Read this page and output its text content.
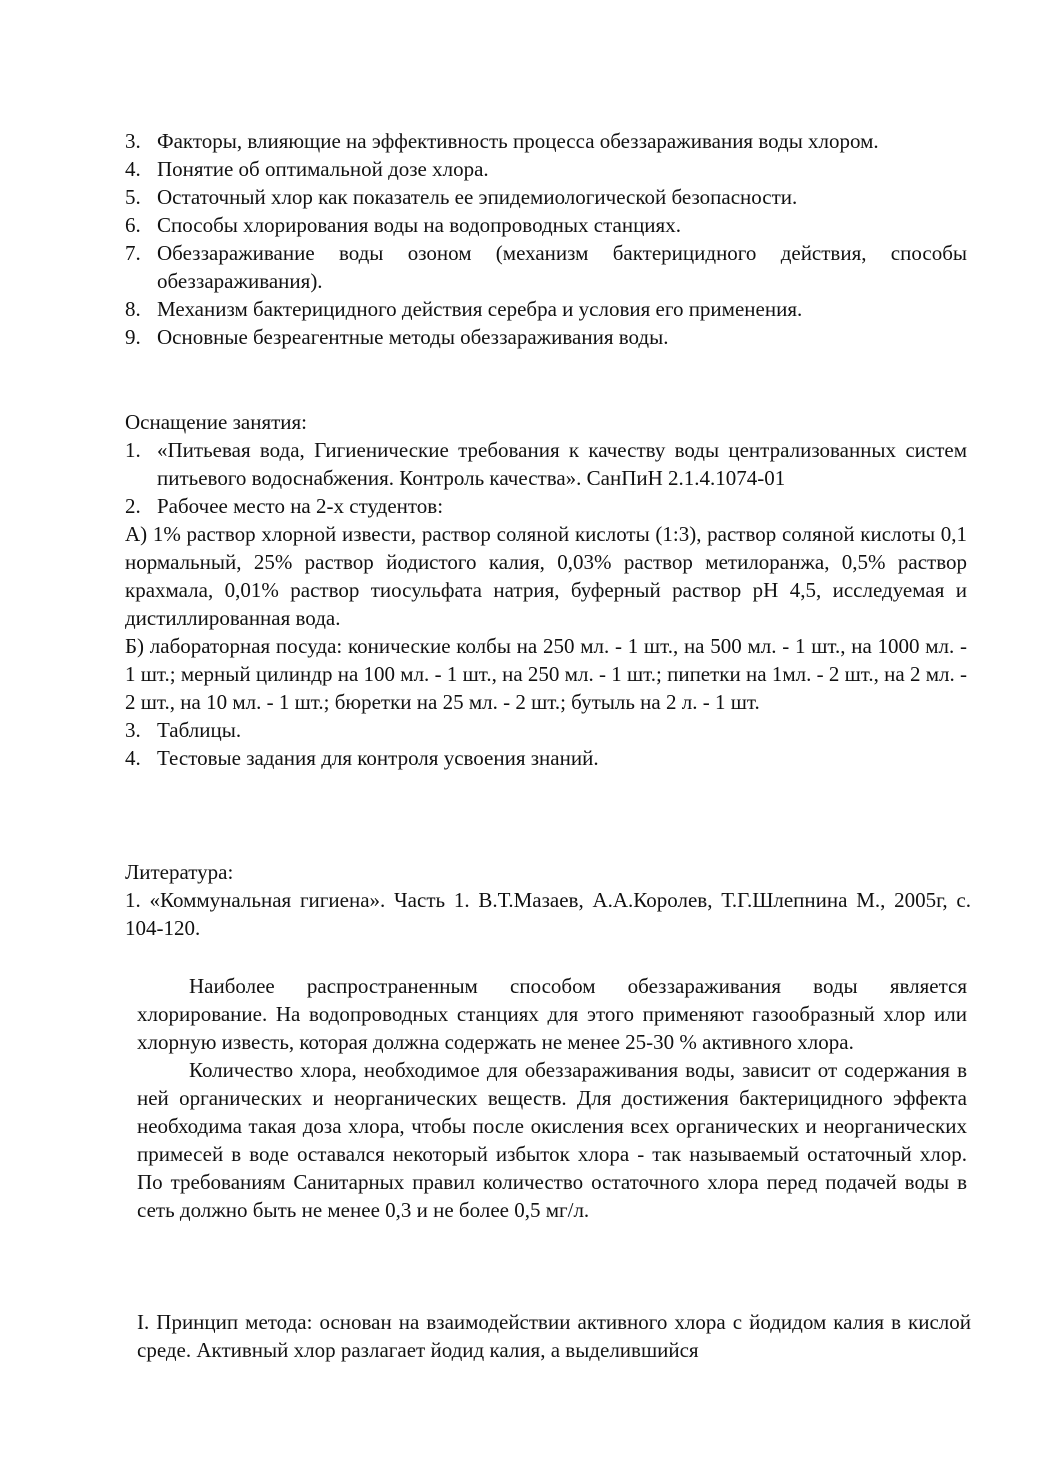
3. Факторы, влияющие на эффективность процесса обеззараживания воды хлором.
4. Понятие об оптимальной дозе хлора.
5. Остаточный хлор как показатель ее эпидемиологической безопасности.
6. Способы хлорирования воды на водопроводных станциях.
7. Обеззараживание воды озоном (механизм бактерицидного действия, способы обеззараживания).
8. Механизм бактерицидного действия серебра и условия его применения.
9. Основные безреагентные методы обеззараживания воды.
Оснащение занятия:
1. «Питьевая вода, Гигиенические требования к качеству воды централизованных систем питьевого водоснабжения. Контроль качества». СанПиН 2.1.4.1074-01
2. Рабочее место на 2-х студентов:
А) 1% раствор хлорной извести, раствор соляной кислоты (1:3), раствор соляной кислоты 0,1 нормальный, 25% раствор йодистого калия, 0,03% раствор метилоранжа, 0,5% раствор крахмала, 0,01% раствор тиосульфата натрия, буферный раствор рН 4,5, исследуемая и дистиллированная вода.
Б) лабораторная посуда: конические колбы на 250 мл. - 1 шт., на 500 мл. - 1 шт., на 1000 мл. - 1 шт.; мерный цилиндр на 100 мл. - 1 шт., на 250 мл. - 1 шт.; пипетки на 1мл. - 2 шт., на 2 мл. - 2 шт., на 10 мл. - 1 шт.; бюретки на 25 мл. - 2 шт.; бутыль на 2 л. - 1 шт.
3. Таблицы.
4. Тестовые задания для контроля усвоения знаний.
Литература:
1. «Коммунальная гигиена». Часть 1. В.Т.Мазаев, А.А.Королев, Т.Г.Шлепнина М., 2005г, с. 104-120.
Наиболее распространенным способом обеззараживания воды является хлорирование. На водопроводных станциях для этого применяют газообразный хлор или хлорную известь, которая должна содержать не менее 25-30 % активного хлора.
Количество хлора, необходимое для обеззараживания воды, зависит от содержания в ней органических и неорганических веществ. Для достижения бактерицидного эффекта необходима такая доза хлора, чтобы после окисления всех органических и неорганических примесей в воде оставался некоторый избыток хлора - так называемый остаточный хлор. По требованиям Санитарных правил количество остаточного хлора перед подачей воды в сеть должно быть не менее 0,3 и не более 0,5 мг/л.
I. Принцип метода: основан на взаимодействии активного хлора с йодидом калия в кислой среде. Активный хлор разлагает йодид калия, а выделившийся
